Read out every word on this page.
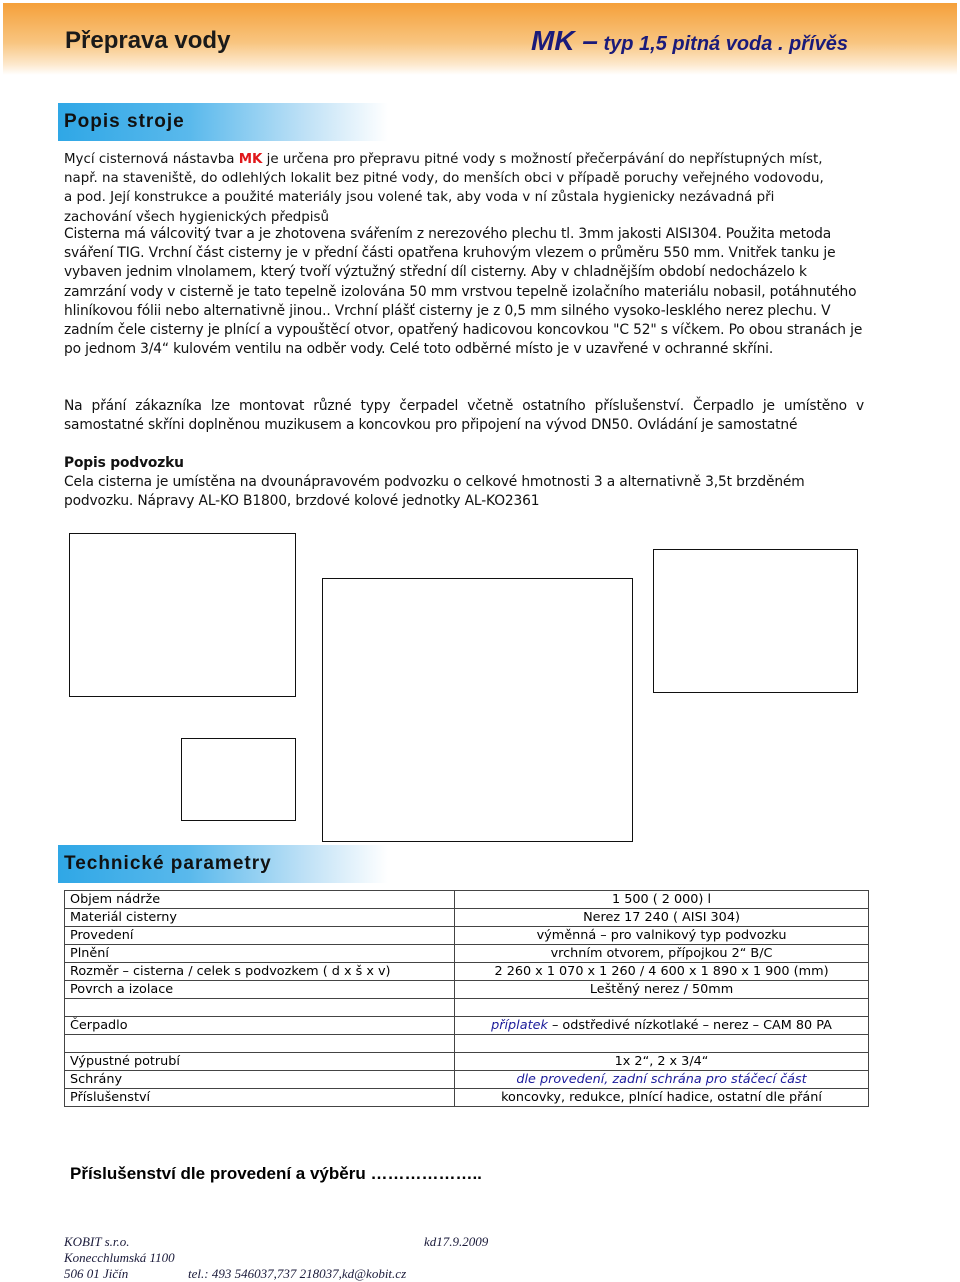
Přeprava vody	MK – typ 1,5 pitná voda . přívěs
Popis stroje

Mycí cisternová nástavba MK je určena pro přepravu pitné vody s možností přečerpávání do nepřístupných míst,

např. na staveniště, do odlehlých lokalit bez pitné vody, do menších obci v případě poruchy veřejného vodovodu,

a pod. Její konstrukce a použité materiály jsou volené tak, aby voda v ní zůstala hygienicky nezávadná při

zachování všech hygienických předpisů

Cisterna má válcovitý tvar a je zhotovena svářením z nerezového plechu tl. 3mm jakosti AISI304. Použita metoda sváření TIG. Vrchní část cisterny je v přední části opatřena kruhovým vlezem o průměru 550 mm. Vnitřek tanku je vybaven jednim vlnolamem, který tvoří výztužný střední díl cisterny. Aby v chladnějším období nedocházelo k zamrzání vody v cisterně je tato tepelně izolována 50 mm vrstvou tepelně izolačního materiálu nobasil, potáhnutého hliníkovou fólii nebo alternativně jinou.. Vrchní plášť cisterny je z 0,5 mm silného vysoko-lesklého nerez plechu. V zadním čele cisterny je plnící a vypouštěcí otvor, opatřený hadicovou koncovkou "C 52" s víčkem. Po obou stranách je po jednom 3/4“ kulovém ventilu na odběr vody. Celé toto odběrné místo je v uzavřené v ochranné skříni.

Na přání zákazníka lze montovat různé typy čerpadel včetně ostatního příslušenství. Čerpadlo je umístěno v samostatné skříni doplněnou muzikusem a koncovkou pro připojení na vývod DN50. Ovládání je samostatné

Popis podvozku

Cela cisterna je umístěna na dvounápravovém podvozku o celkové hmotnosti 3 a alternativně 3,5t brzděném podvozku. Nápravy AL-KO B1800, brzdové kolové jednotky AL-KO2361

Technické parametry
Objem nádrže	1 500 ( 2 000) l
Materiál cisterny	Nerez 17 240 ( AISI 304)
Provedení	výměnná – pro valnikový typ podvozku
Plnění	vrchním otvorem, přípojkou 2“ B/C
Rozměr – cisterna / celek s podvozkem ( d x š x v)	2 260 x 1 070 x 1 260 / 4 600 x 1 890 x 1 900 (mm)
Povrch a izolace	Leštěný nerez / 50mm

Čerpadlo	příplatek – odstředivé nízkotlaké – nerez – CAM 80 PA

Výpustné potrubí	1x 2“, 2 x 3/4“
Schrány	dle provedení, zadní schrána pro stáčecí část
Příslušenství	koncovky, redukce, plnící hadice, ostatní dle přání
Příslušenství dle provedení a výběru ………………..
KOBIT s.r.o.	kd17.9.2009
Konecchlumská 1100
506 01 Jičín	tel.: 493 546037,737 218037,kd@kobit.cz
